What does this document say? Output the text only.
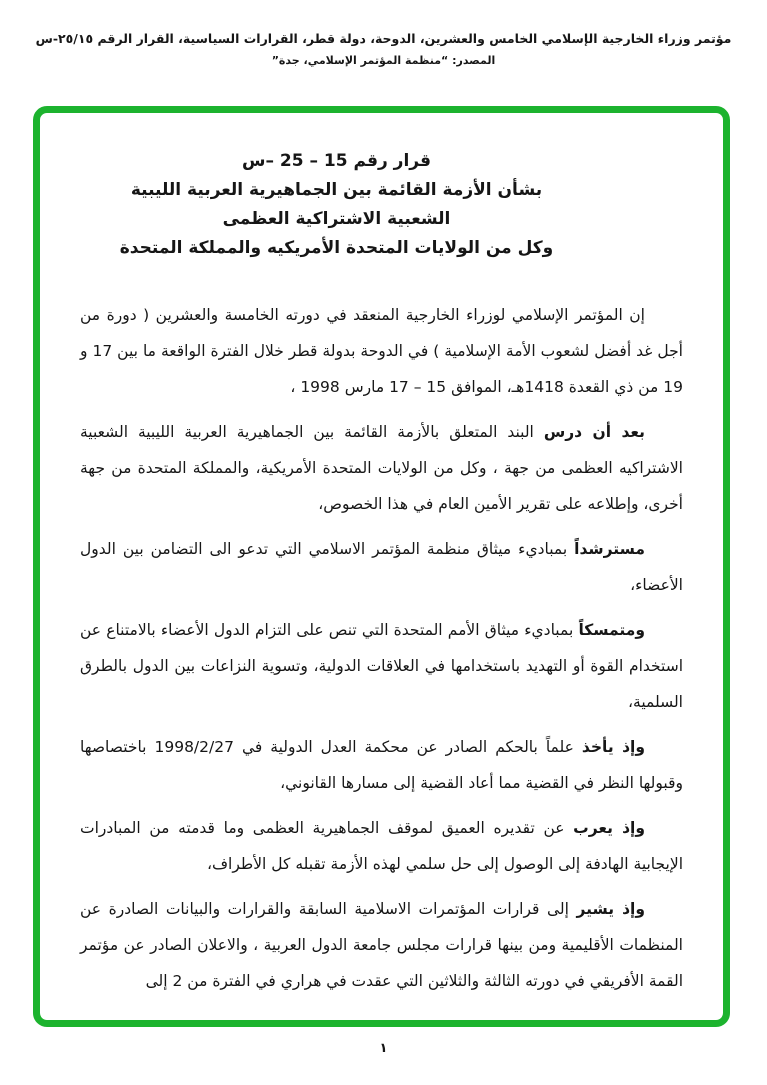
مؤتمر وزراء الخارجية الإسلامي الخامس والعشرين، الدوحة، دولة قطر، القرارات السياسية، القرار الرقم ٢٥/١٥-س
المصدر: “منظمة المؤتمر الإسلامي، جدة”
قرار رقم 15 – 25 –س
بشأن الأزمة القائمة بين الجماهيرية العربية الليبية
الشعبية الاشتراكية العظمى
وكل من الولايات المتحدة الأمريكيه والمملكة المتحدة

إن المؤتمر الإسلامي لوزراء الخارجية المنعقد في دورته الخامسة والعشرين ( دورة من أجل غد أفضل لشعوب الأمة الإسلامية ) في الدوحة بدولة قطر خلال الفترة الواقعة ما بين 17 و 19 من ذي القعدة 1418هـ، الموافق 15 – 17 مارس 1998 ،

بعد أن درس البند المتعلق بالأزمة القائمة بين الجماهيرية العربية الليبية الشعبية الاشتراكيه العظمى من جهة ، وكل من الولايات المتحدة الأمريكية، والمملكة المتحدة من جهة أخرى، وإطلاعه على تقرير الأمين العام في هذا الخصوص،

مسترشداً بمباديء ميثاق منظمة المؤتمر الاسلامي التي تدعو الى التضامن بين الدول الأعضاء،

ومتمسكاً بمباديء ميثاق الأمم المتحدة التي تنص على التزام الدول الأعضاء بالامتناع عن استخدام القوة أو التهديد باستخدامها في العلاقات الدولية، وتسوية النزاعات بين الدول بالطرق السلمية،

وإذ يأخذ علماً بالحكم الصادر عن محكمة العدل الدولية في 1998/2/27 باختصاصها وقبولها النظر في القضية مما أعاد القضية إلى مسارها القانوني،

وإذ يعرب عن تقديره العميق لموقف الجماهيرية العظمى وما قدمته من المبادرات الإيجابية الهادفة إلى الوصول إلى حل سلمي لهذه الأزمة تقبله كل الأطراف،

وإذ يشير إلى قرارات المؤتمرات الاسلامية السابقة والقرارات والبيانات الصادرة عن المنظمات الأقليمية ومن بينها قرارات مجلس جامعة الدول العربية ، والاعلان الصادر عن مؤتمر القمة الأفريقي في دورته الثالثة والثلاثين التي عقدت في هراري في الفترة من 2 إلى

١
